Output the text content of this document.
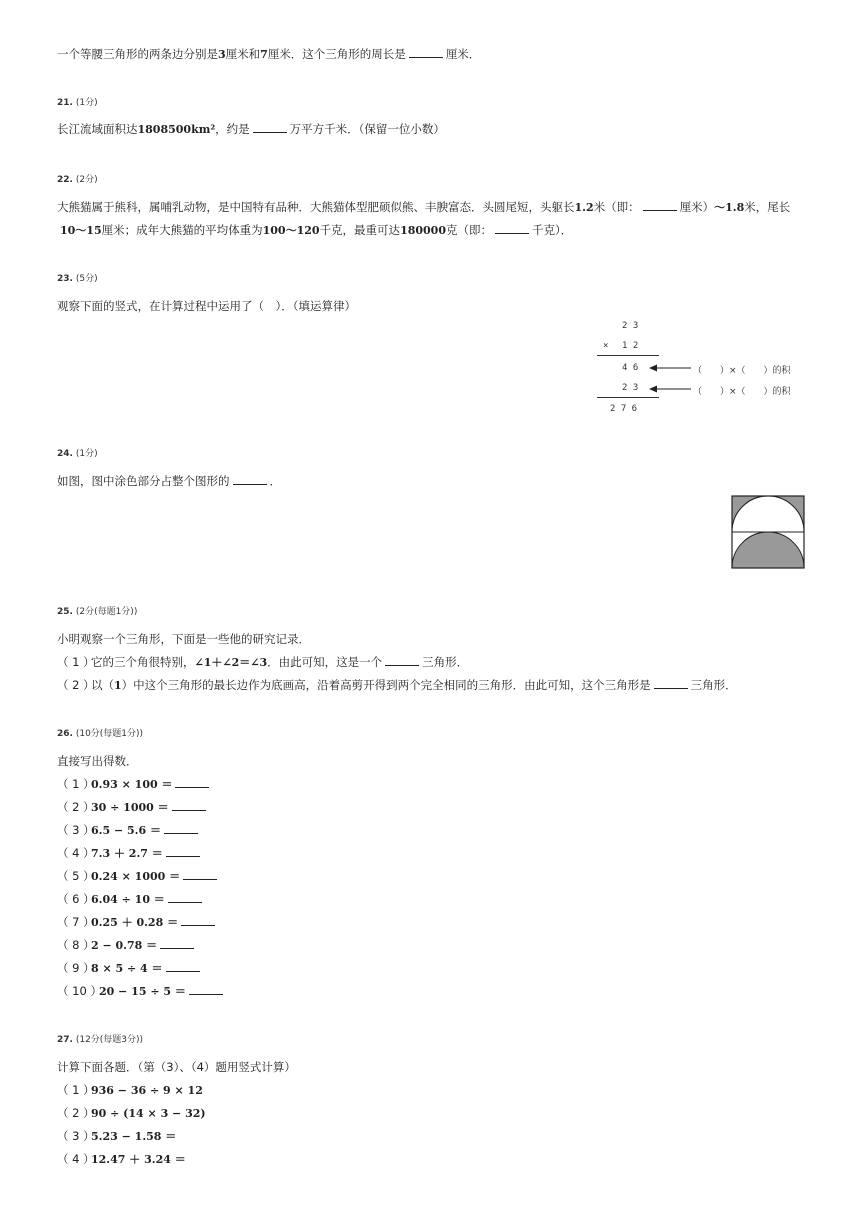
一个等腰三角形的两条边分别是3厘米和7厘米．这个三角形的周长是	厘米．
21. (1分)
长江流域面积达1808500km²，约是	万平方千米．（保留一位小数）
22. (2分)
大熊猫属于熊科，属哺乳动物，是中国特有品种．大熊猫体型肥硕似熊、丰腴富态．头圆尾短，头躯长1.2米（即：	厘米）～1.8米，尾长
10～15厘米；成年大熊猫的平均体重为100～120千克，最重可达180000克（即：	千克）．
23. (5分)
观察下面的竖式，在计算过程中运用了（　）．（填运算律）
2 3
× 1 2
4 6
2 3
2 7 6
（　　）×（　　）的积
（　　）×（　　）的积
24. (1分)
如图，图中涂色部分占整个图形的	．
25. (2分(每题1分))
小明观察一个三角形，下面是一些他的研究记录．
（ 1 ）它的三个角很特别，∠1＋∠2＝∠3．由此可知，这是一个	三角形．
（ 2 ）以（1）中这个三角形的最长边作为底画高，沿着高剪开得到两个完全相同的三角形．由此可知，这个三角形是	三角形．
26. (10分(每题1分))
直接写出得数．
（ 1 ）0.93 × 100 ＝
（ 2 ）30 ÷ 1000 ＝
（ 3 ）6.5 − 5.6 ＝
（ 4 ）7.3 ＋ 2.7 ＝
（ 5 ）0.24 × 1000 ＝
（ 6 ）6.04 ÷ 10 ＝
（ 7 ）0.25 ＋ 0.28 ＝
（ 8 ）2 − 0.78 ＝
（ 9 ）8 × 5 ÷ 4 ＝
（ 10 ）20 − 15 ÷ 5 ＝
27. (12分(每题3分))
计算下面各题．（第（3）、（4）题用竖式计算）
（ 1 ）936 − 36 ÷ 9 × 12
（ 2 ）90 ÷ (14 × 3 − 32)
（ 3 ）5.23 − 1.58 ＝
（ 4 ）12.47 ＋ 3.24 ＝
